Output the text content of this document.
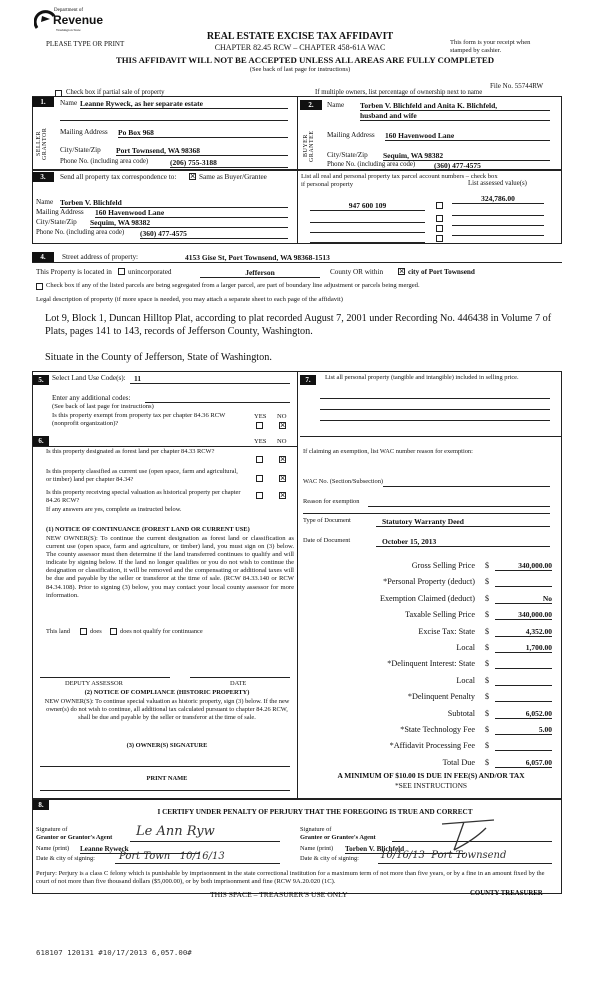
Department of
Revenue
Washington State
PLEASE TYPE OR PRINT
REAL ESTATE EXCISE TAX AFFIDAVIT
CHAPTER 82.45 RCW – CHAPTER 458-61A WAC
This form is your receipt when stamped by cashier.
THIS AFFIDAVIT WILL NOT BE ACCEPTED UNLESS ALL AREAS ARE FULLY COMPLETED
(See back of last page for instructions)
File No. 55744RW
Check box if partial sale of property	If multiple owners, list percentage of ownership next to name
1.
SELLER GRANTOR
Name Leanne Ryweck, as her separate estate
Mailing Address Po Box 968
City/State/Zip Port Townsend, WA 98368
Phone No. (including area code)	(206) 755-3188
2.
BUYER GRANTEE
Name Torben V. Blichfeld and Anita K. Blichfeld,
husband and wife
Mailing Address 160 Havenwood Lane
City/State/Zip Sequim, WA 98382
Phone No. (including area code)	(360) 477-4575
3.	Send all property tax correspondence to: ×	Same as Buyer/Grantee
Name Torben V. Blichfeld
Mailing Address 160 Havenwood Lane
City/State/Zip Sequim, WA 98382
Phone No. (including area code) (360) 477-4575
List all real and personal property tax parcel account numbers – check box if personal property	List assessed value(s)
947 600 109
324,786.00
4.	Street address of property:	4153 Gise St, Port Townsend, WA 98368-1513
This Property is located in unincorporated	Jefferson	County OR within ×	city of Port Townsend
Check box if any of the listed parcels are being segregated from a larger parcel, are part of boundary line adjustment or parcels being merged.
Legal description of property (if more space is needed, you may attach a separate sheet to each page of the affidavit)
Lot 9, Block 1, Duncan Hilltop Plat, according to plat recorded August 7, 2001 under Recording No. 446438 in Volume 7 of Plats, pages 141 to 143, records of Jefferson County, Washington.
Situate in the County of Jefferson, State of Washington.
5.	Select Land Use Code(s):	11
Enter any additional codes:
(See back of last page for instructions)
YES NO
Is this property exempt from property tax per chapter 84.36 RCW (nonprofit organization)?
×
6.	YES NO
Is this property designated as forest land per chapter 84.33 RCW?
×
Is this property classified as current use (open space, farm and agricultural, or timber) land per chapter 84.34?
×
Is this property receiving special valuation as historical property per chapter 84.26 RCW?
×
If any answers are yes, complete as instructed below.
(1) NOTICE OF CONTINUANCE (FOREST LAND OR CURRENT USE)
NEW OWNER(S): To continue the current designation as forest land or classification as current use (open space, farm and agriculture, or timber) land, you must sign on (3) below. The county assessor must then determine if the land transferred continues to qualify and will indicate by signing below. If the land no longer qualifies or you do not wish to continue the designation or classification, it will be removed and the compensating or additional taxes will be due and payable by the seller or transferor at the time of sale. (RCW 84.33.140 or RCW 84.34.108). Prior to signing (3) below, you may contact your local county assessor for more information.
This land	does	does not qualify for continuance
DEPUTY ASSESSOR	DATE
(2) NOTICE OF COMPLIANCE (HISTORIC PROPERTY)
NEW OWNER(S): To continue special valuation as historic property, sign (3) below. If the new owner(s) do not wish to continue, all additional tax calculated pursuant to chapter 84.26 RCW, shall be due and payable by the seller or transferor at the time of sale.
(3) OWNER(S) SIGNATURE
PRINT NAME
7.	List all personal property (tangible and intangible) included in selling price.
If claiming an exemption, list WAC number reason for exemption:
WAC No. (Section/Subsection)
Reason for exemption
Type of Document	Statutory Warranty Deed
Date of Document	October 15, 2013
Gross Selling Price $	340,000.00
*Personal Property (deduct) $
Exemption Claimed (deduct) $	No
Taxable Selling Price $	340,000.00
Excise Tax: State $	4,352.00
Local $	1,700.00
*Delinquent Interest: State $
Local $
*Delinquent Penalty $
Subtotal $	6,052.00
*State Technology Fee $	5.00
*Affidavit Processing Fee $
Total Due $	6,057.00
A MINIMUM OF $10.00 IS DUE IN FEE(S) AND/OR TAX
*SEE INSTRUCTIONS
8.
I CERTIFY UNDER PENALTY OF PERJURY THAT THE FOREGOING IS TRUE AND CORRECT
Signature of
Grantor or Grantor's Agent Le Ann Ryw
Name (print) Leanne Ryweck
Date & city of signing: Port Town   10/16/13
Signature of
Grantee or Grantee's Agent
Name (print) Torben V. Blichfeld
Date & city of signing: 10/16/13  Port Townsend
Perjury: Perjury is a class C felony which is punishable by imprisonment in the state correctional institution for a maximum term of not more than five years, or by a fine in an amount fixed by the court of not more than five thousand dollars ($5,000.00), or by both imprisonment and fine (RCW 9A.20.020 (1C).
THIS SPACE – TREASURER'S USE ONLY	COUNTY TREASURER
618107 120131 #10/17/2013 6,057.00#
